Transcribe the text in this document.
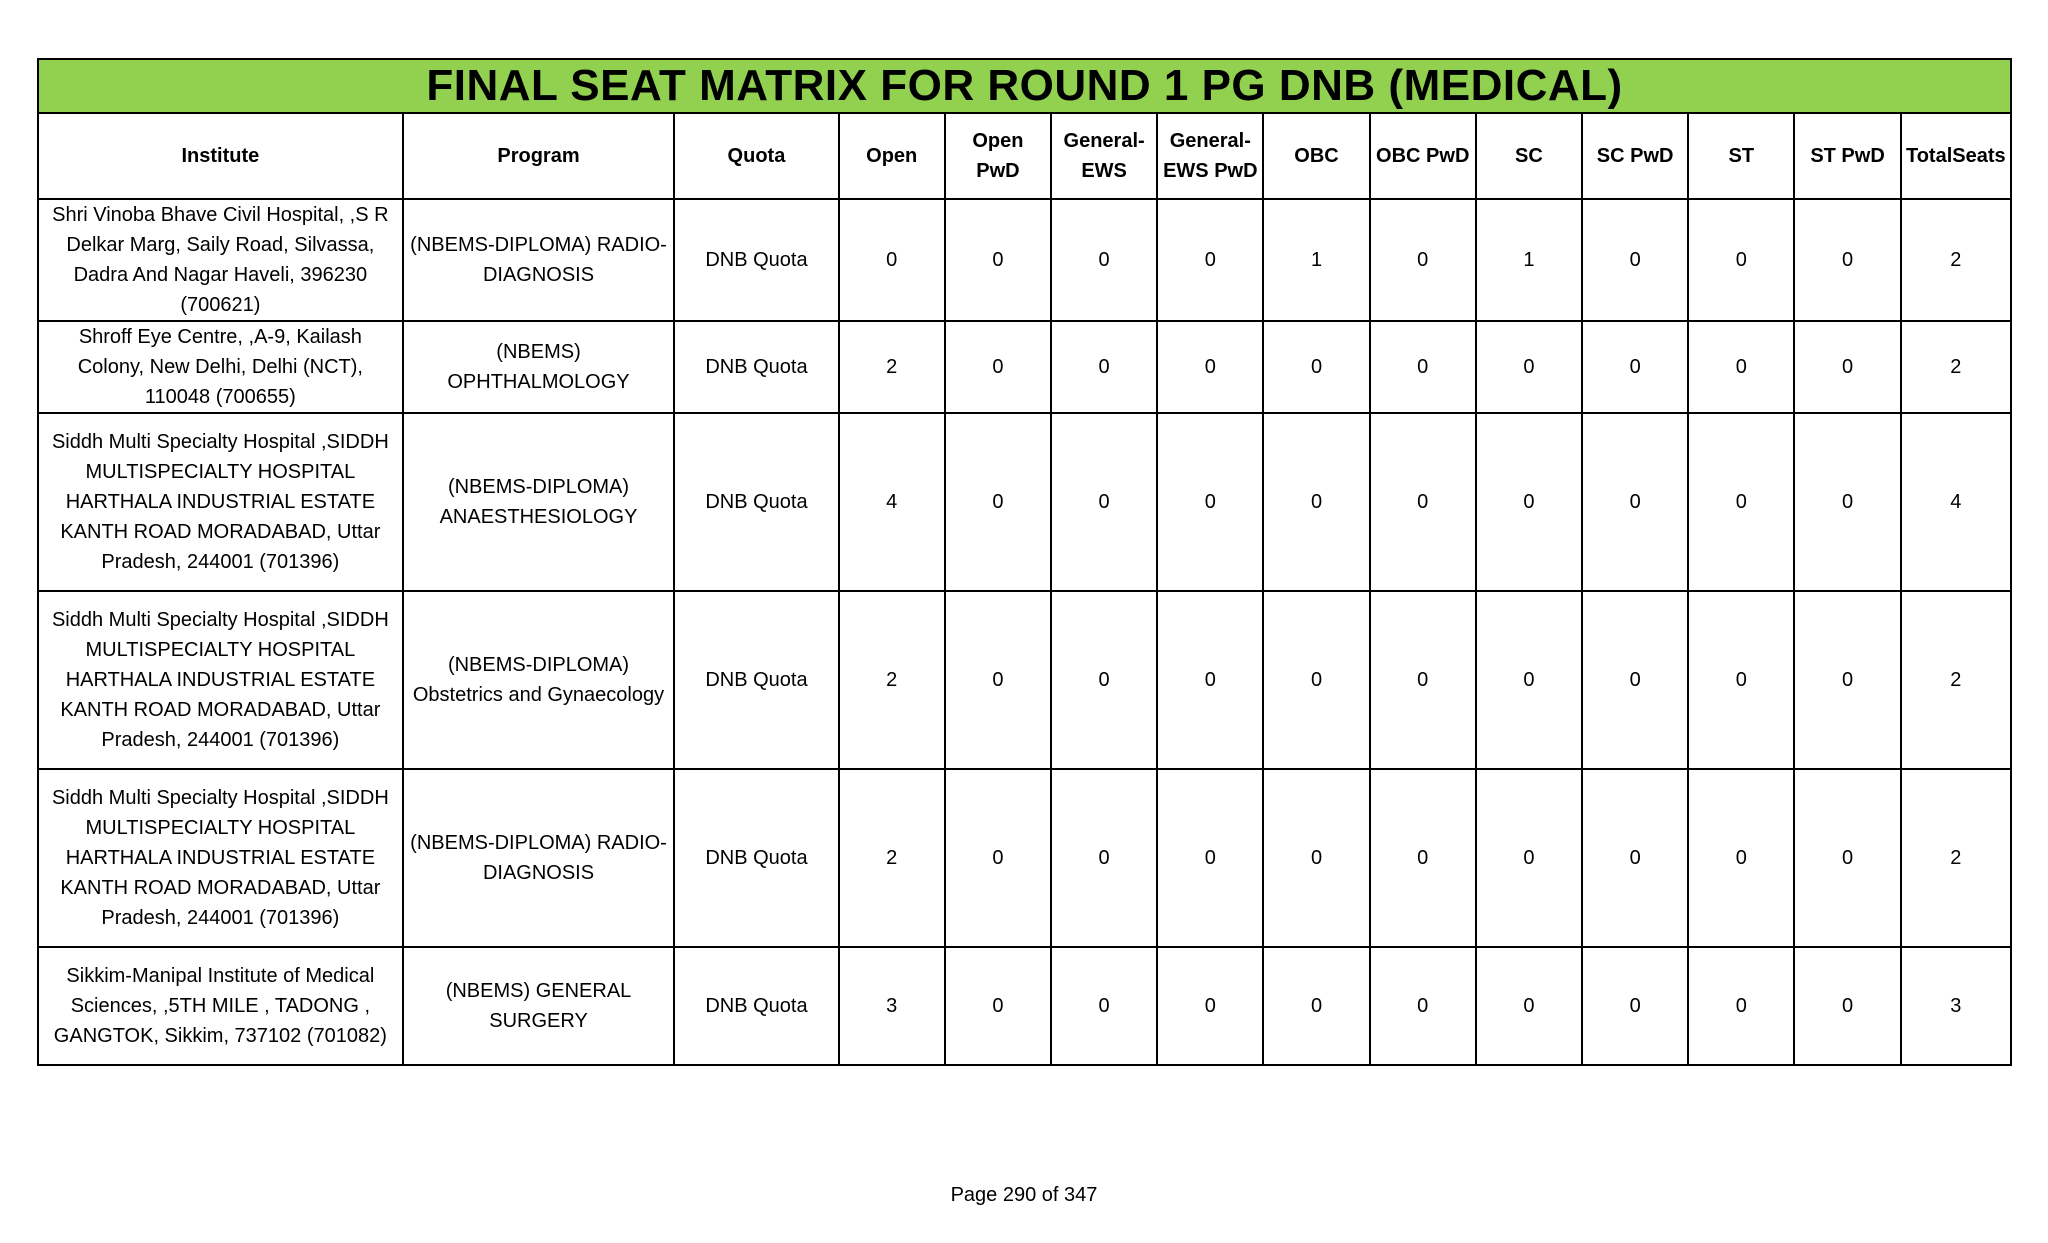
FINAL SEAT MATRIX FOR ROUND 1 PG DNB (MEDICAL)													
Institute	Program	Quota	Open	Open PwD	General-EWS	General-EWS PwD	OBC	OBC PwD	SC	SC PwD	ST	ST PwD	TotalSeats
Shri Vinoba Bhave Civil Hospital, ,S R Delkar Marg, Saily Road, Silvassa, Dadra And Nagar Haveli, 396230 (700621)	(NBEMS-DIPLOMA) RADIO-DIAGNOSIS	DNB Quota	0	0	0	0	1	0	1	0	0	0	2
Shroff Eye Centre, ,A-9, Kailash Colony, New Delhi, Delhi (NCT), 110048 (700655)	(NBEMS) OPHTHALMOLOGY	DNB Quota	2	0	0	0	0	0	0	0	0	0	2
Siddh Multi Specialty Hospital ,SIDDH MULTISPECIALTY HOSPITAL HARTHALA INDUSTRIAL ESTATE KANTH ROAD MORADABAD, Uttar Pradesh, 244001 (701396)	(NBEMS-DIPLOMA) ANAESTHESIOLOGY	DNB Quota	4	0	0	0	0	0	0	0	0	0	4
Siddh Multi Specialty Hospital ,SIDDH MULTISPECIALTY HOSPITAL HARTHALA INDUSTRIAL ESTATE KANTH ROAD MORADABAD, Uttar Pradesh, 244001 (701396)	(NBEMS-DIPLOMA) Obstetrics and Gynaecology	DNB Quota	2	0	0	0	0	0	0	0	0	0	2
Siddh Multi Specialty Hospital ,SIDDH MULTISPECIALTY HOSPITAL HARTHALA INDUSTRIAL ESTATE KANTH ROAD MORADABAD, Uttar Pradesh, 244001 (701396)	(NBEMS-DIPLOMA) RADIO-DIAGNOSIS	DNB Quota	2	0	0	0	0	0	0	0	0	0	2
Sikkim-Manipal Institute of Medical Sciences, ,5TH MILE , TADONG , GANGTOK, Sikkim, 737102 (701082)	(NBEMS) GENERAL SURGERY	DNB Quota	3	0	0	0	0	0	0	0	0	0	3
Page 290 of 347
